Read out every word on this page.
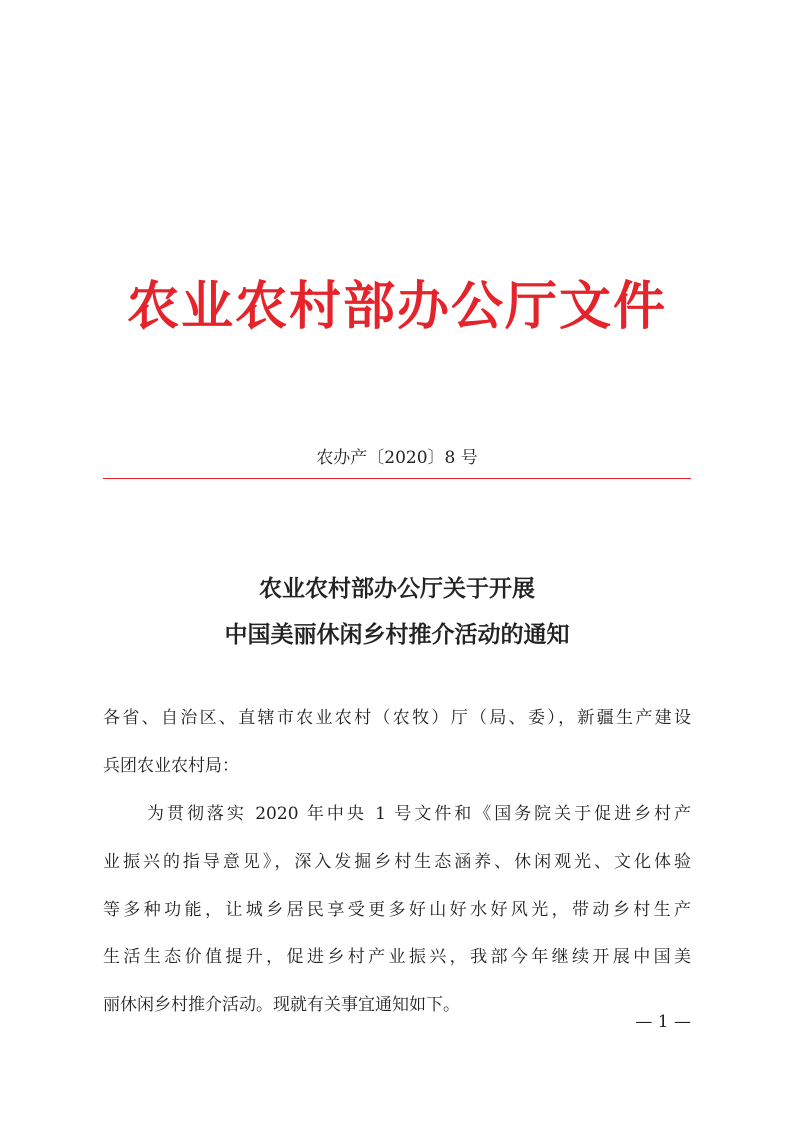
农业农村部办公厅文件
农办产〔2020〕8 号
农业农村部办公厅关于开展
中国美丽休闲乡村推介活动的通知
各省、自治区、直辖市农业农村（农牧）厅（局、委），新疆生产建设
兵团农业农村局：
为贯彻落实 2020 年中央 1 号文件和《国务院关于促进乡村产
业振兴的指导意见》，深入发掘乡村生态涵养、休闲观光、文化体验
等多种功能，让城乡居民享受更多好山好水好风光，带动乡村生产
生活生态价值提升，促进乡村产业振兴，我部今年继续开展中国美
丽休闲乡村推介活动。现就有关事宜通知如下。
— 1 —
